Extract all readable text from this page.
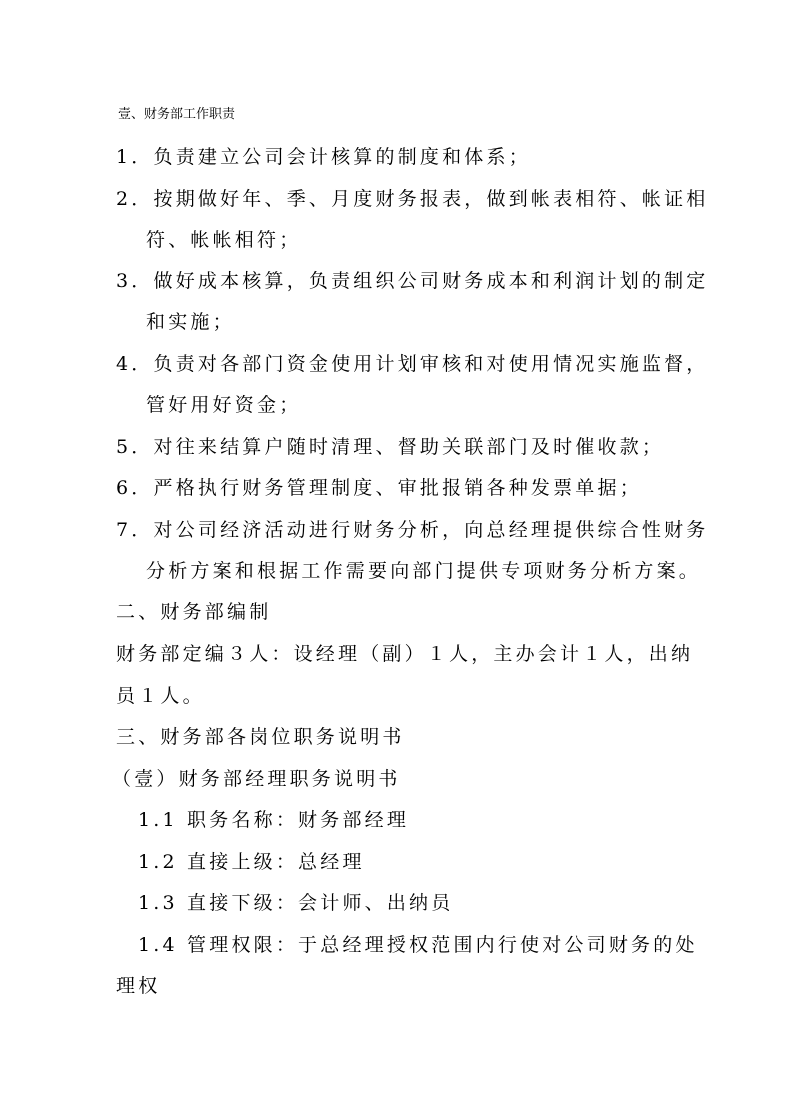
壹、财务部工作职责
1．负责建立公司会计核算的制度和体系；
2．按期做好年、季、月度财务报表，做到帐表相符、帐证相
符、帐帐相符；
3．做好成本核算，负责组织公司财务成本和利润计划的制定
和实施；
4．负责对各部门资金使用计划审核和对使用情况实施监督，
管好用好资金；
5．对往来结算户随时清理、督助关联部门及时催收款；
6．严格执行财务管理制度、审批报销各种发票单据；
7．对公司经济活动进行财务分析，向总经理提供综合性财务
分析方案和根据工作需要向部门提供专项财务分析方案。
二、财务部编制
财务部定编３人：设经理（副）１人，主办会计１人，出纳
员１人。
三、财务部各岗位职务说明书
（壹）财务部经理职务说明书
1.1 职务名称：财务部经理
1.2 直接上级：总经理
1.3 直接下级：会计师、出纳员
1.4 管理权限：于总经理授权范围内行使对公司财务的处
理权
